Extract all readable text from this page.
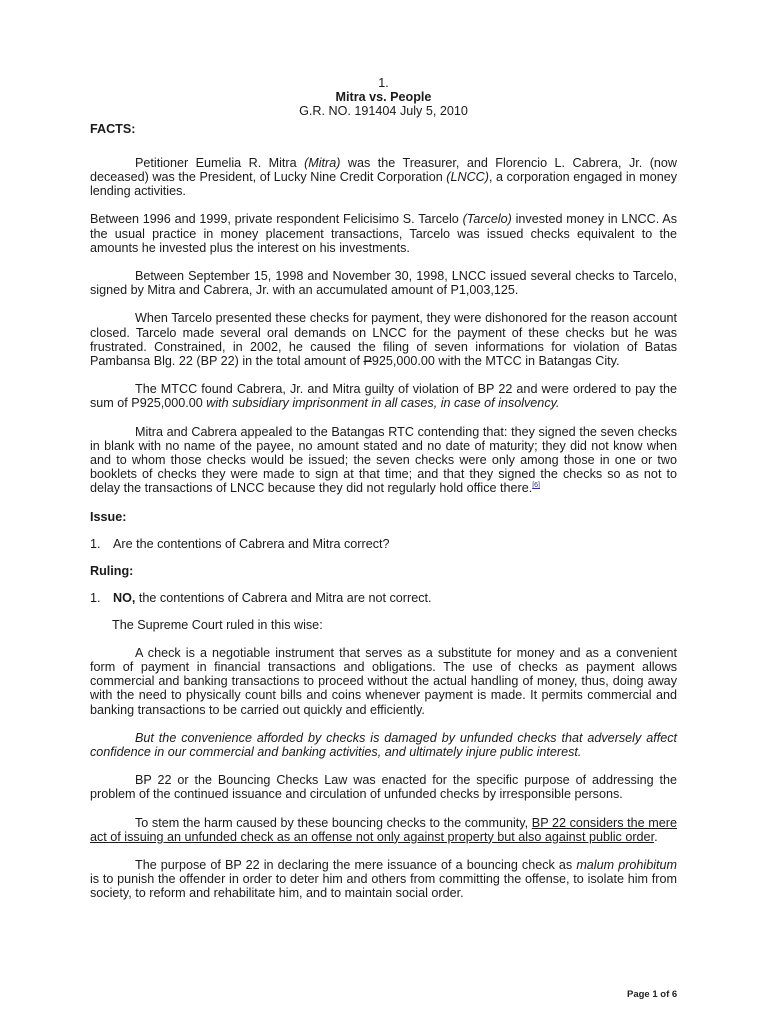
1.
Mitra vs. People
G.R. NO. 191404 July 5, 2010
FACTS:

Petitioner Eumelia R. Mitra (Mitra) was the Treasurer, and Florencio L. Cabrera, Jr. (now deceased) was the President, of Lucky Nine Credit Corporation (LNCC), a corporation engaged in money lending activities.

Between 1996 and 1999, private respondent Felicisimo S. Tarcelo (Tarcelo) invested money in LNCC. As the usual practice in money placement transactions, Tarcelo was issued checks equivalent to the amounts he invested plus the interest on his investments.

Between September 15, 1998 and November 30, 1998, LNCC issued several checks to Tarcelo, signed by Mitra and Cabrera, Jr. with an accumulated amount of P1,003,125.

When Tarcelo presented these checks for payment, they were dishonored for the reason account closed. Tarcelo made several oral demands on LNCC for the payment of these checks but he was frustrated. Constrained, in 2002, he caused the filing of seven informations for violation of Batas Pambansa Blg. 22 (BP 22) in the total amount of P925,000.00 with the MTCC in Batangas City.

The MTCC found Cabrera, Jr. and Mitra guilty of violation of BP 22 and were ordered to pay the sum of P925,000.00 with subsidiary imprisonment in all cases, in case of insolvency.

Mitra and Cabrera appealed to the Batangas RTC contending that: they signed the seven checks in blank with no name of the payee, no amount stated and no date of maturity; they did not know when and to whom those checks would be issued; the seven checks were only among those in one or two booklets of checks they were made to sign at that time; and that they signed the checks so as not to delay the transactions of LNCC because they did not regularly hold office there.[6]

Issue:
1. Are the contentions of Cabrera and Mitra correct?
Ruling:
1. NO, the contentions of Cabrera and Mitra are not correct.

The Supreme Court ruled in this wise:

A check is a negotiable instrument that serves as a substitute for money and as a convenient form of payment in financial transactions and obligations. The use of checks as payment allows commercial and banking transactions to proceed without the actual handling of money, thus, doing away with the need to physically count bills and coins whenever payment is made. It permits commercial and banking transactions to be carried out quickly and efficiently.

But the convenience afforded by checks is damaged by unfunded checks that adversely affect confidence in our commercial and banking activities, and ultimately injure public interest.

BP 22 or the Bouncing Checks Law was enacted for the specific purpose of addressing the problem of the continued issuance and circulation of unfunded checks by irresponsible persons.

To stem the harm caused by these bouncing checks to the community, BP 22 considers the mere act of issuing an unfunded check as an offense not only against property but also against public order.

The purpose of BP 22 in declaring the mere issuance of a bouncing check as malum prohibitum is to punish the offender in order to deter him and others from committing the offense, to isolate him from society, to reform and rehabilitate him, and to maintain social order.

Page 1 of 6
